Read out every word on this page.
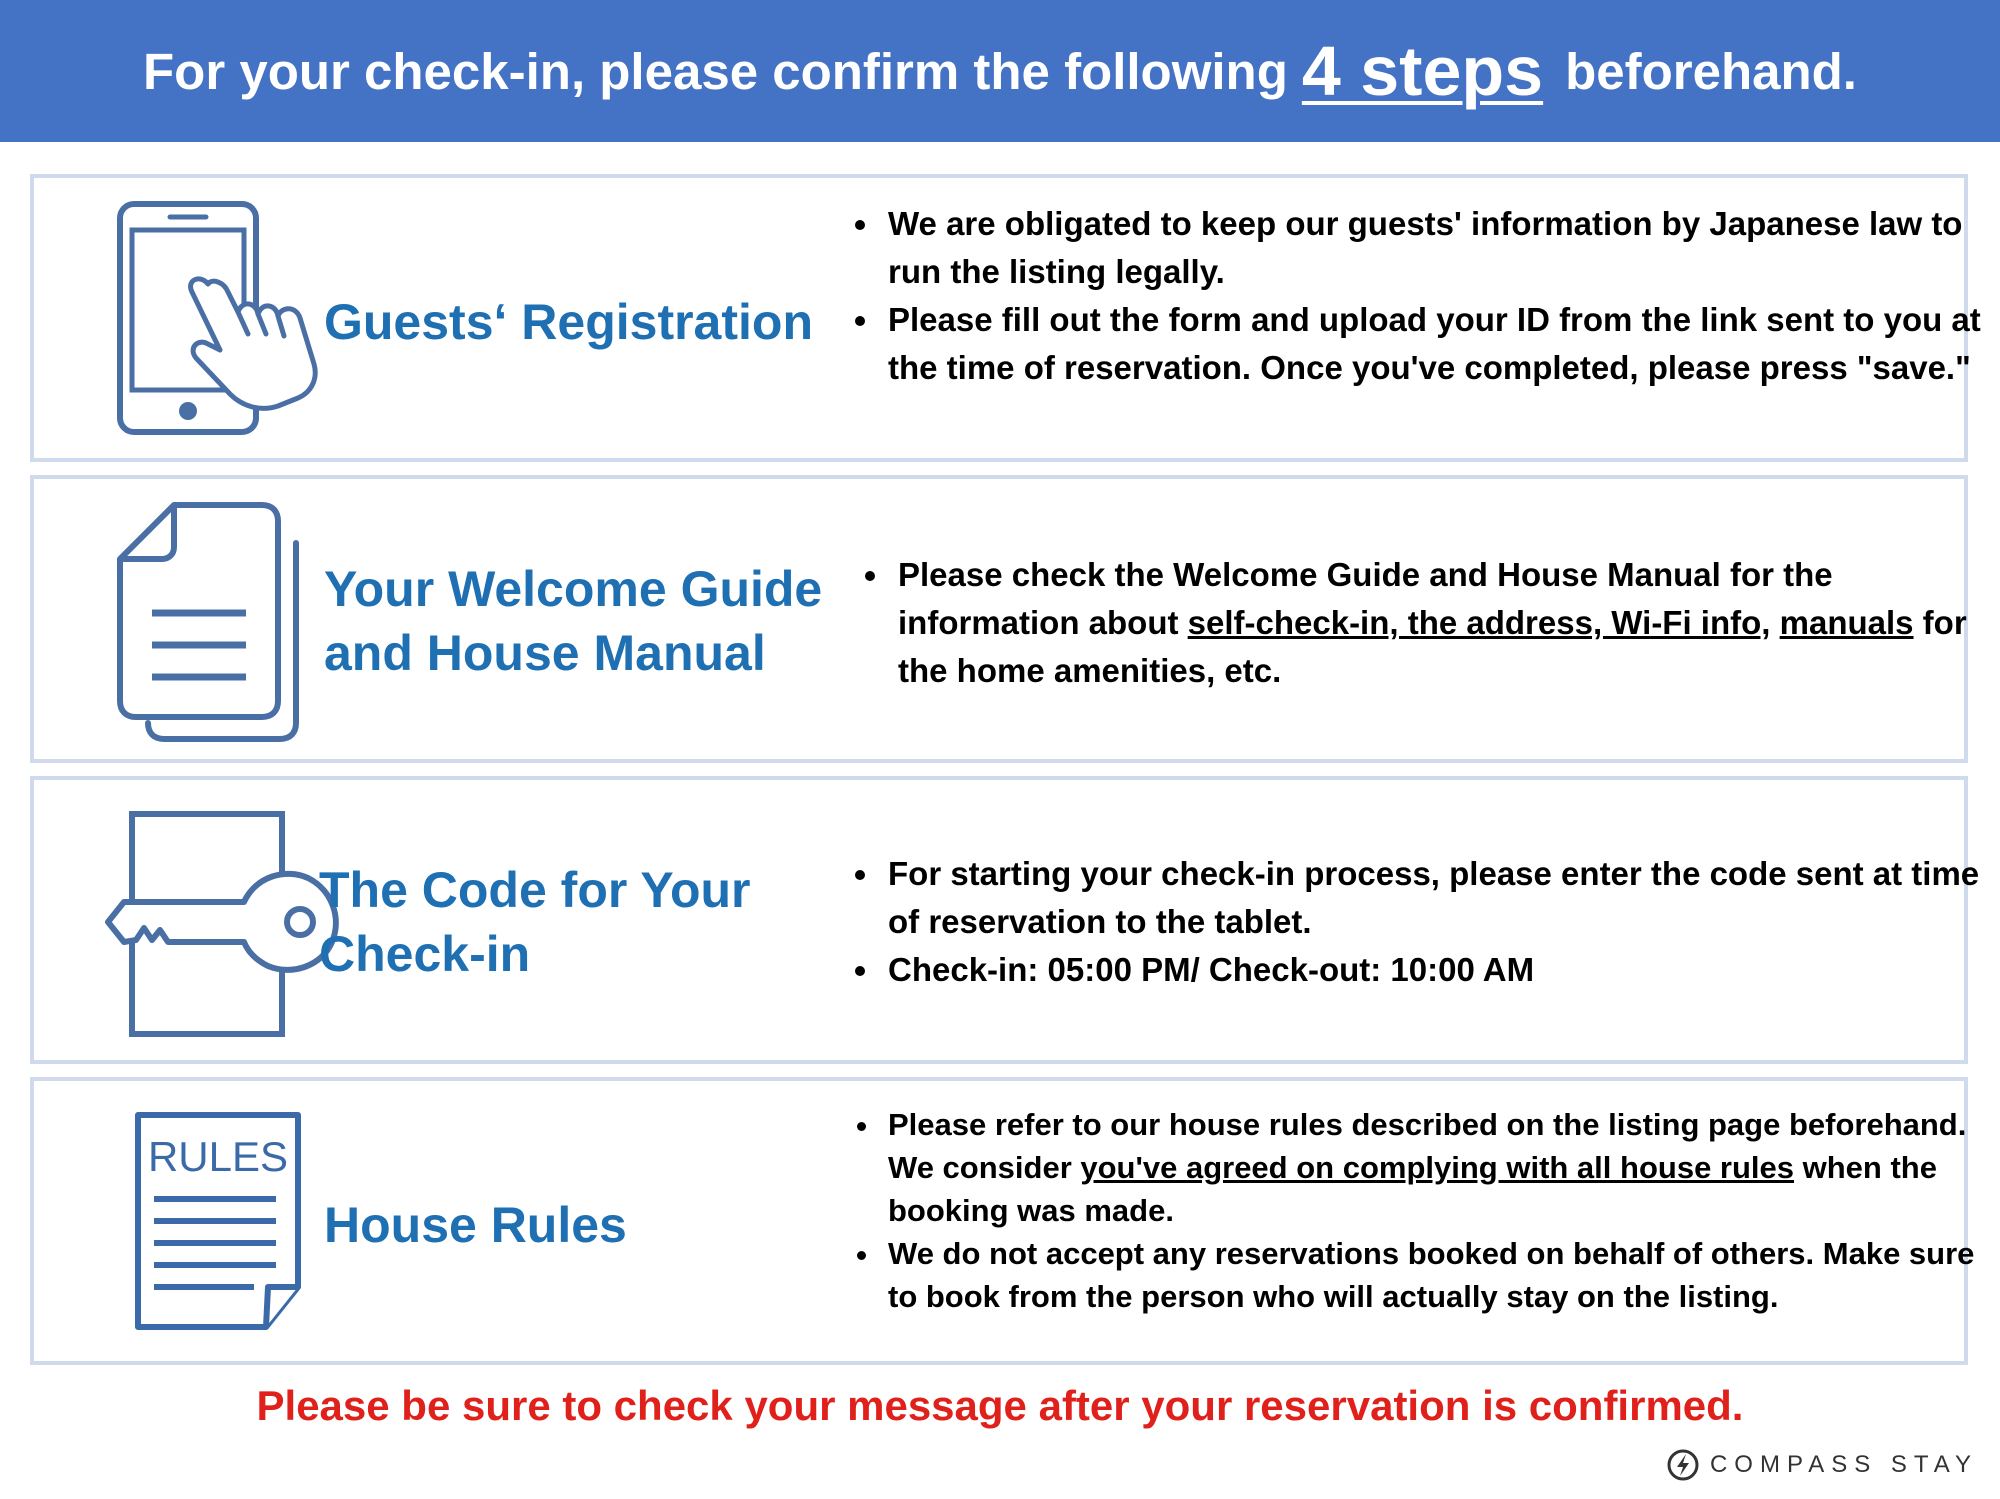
For your check-in, please confirm the following 4 steps beforehand.
Guests‘ Registration
• We are obligated to keep our guests' information by Japanese law to run the listing legally.
• Please fill out the form and upload your ID from the link sent to you at the time of reservation. Once you've completed, please press "save."
Your Welcome Guide
and House Manual
• Please check the Welcome Guide and House Manual for the information about self-check-in, the address, Wi-Fi info, manuals for the home amenities, etc.
The Code for Your
Check-in
• For starting your check-in process, please enter the code sent at time of reservation to the tablet.
• Check-in: 05:00 PM/ Check-out: 10:00 AM
RULES
House Rules
• Please refer to our house rules described on the listing page beforehand. We consider you've agreed on complying with all house rules when the booking was made.
• We do not accept any reservations booked on behalf of others. Make sure to book from the person who will actually stay on the listing.
Please be sure to check your message after your reservation is confirmed.
COMPASS STAY
